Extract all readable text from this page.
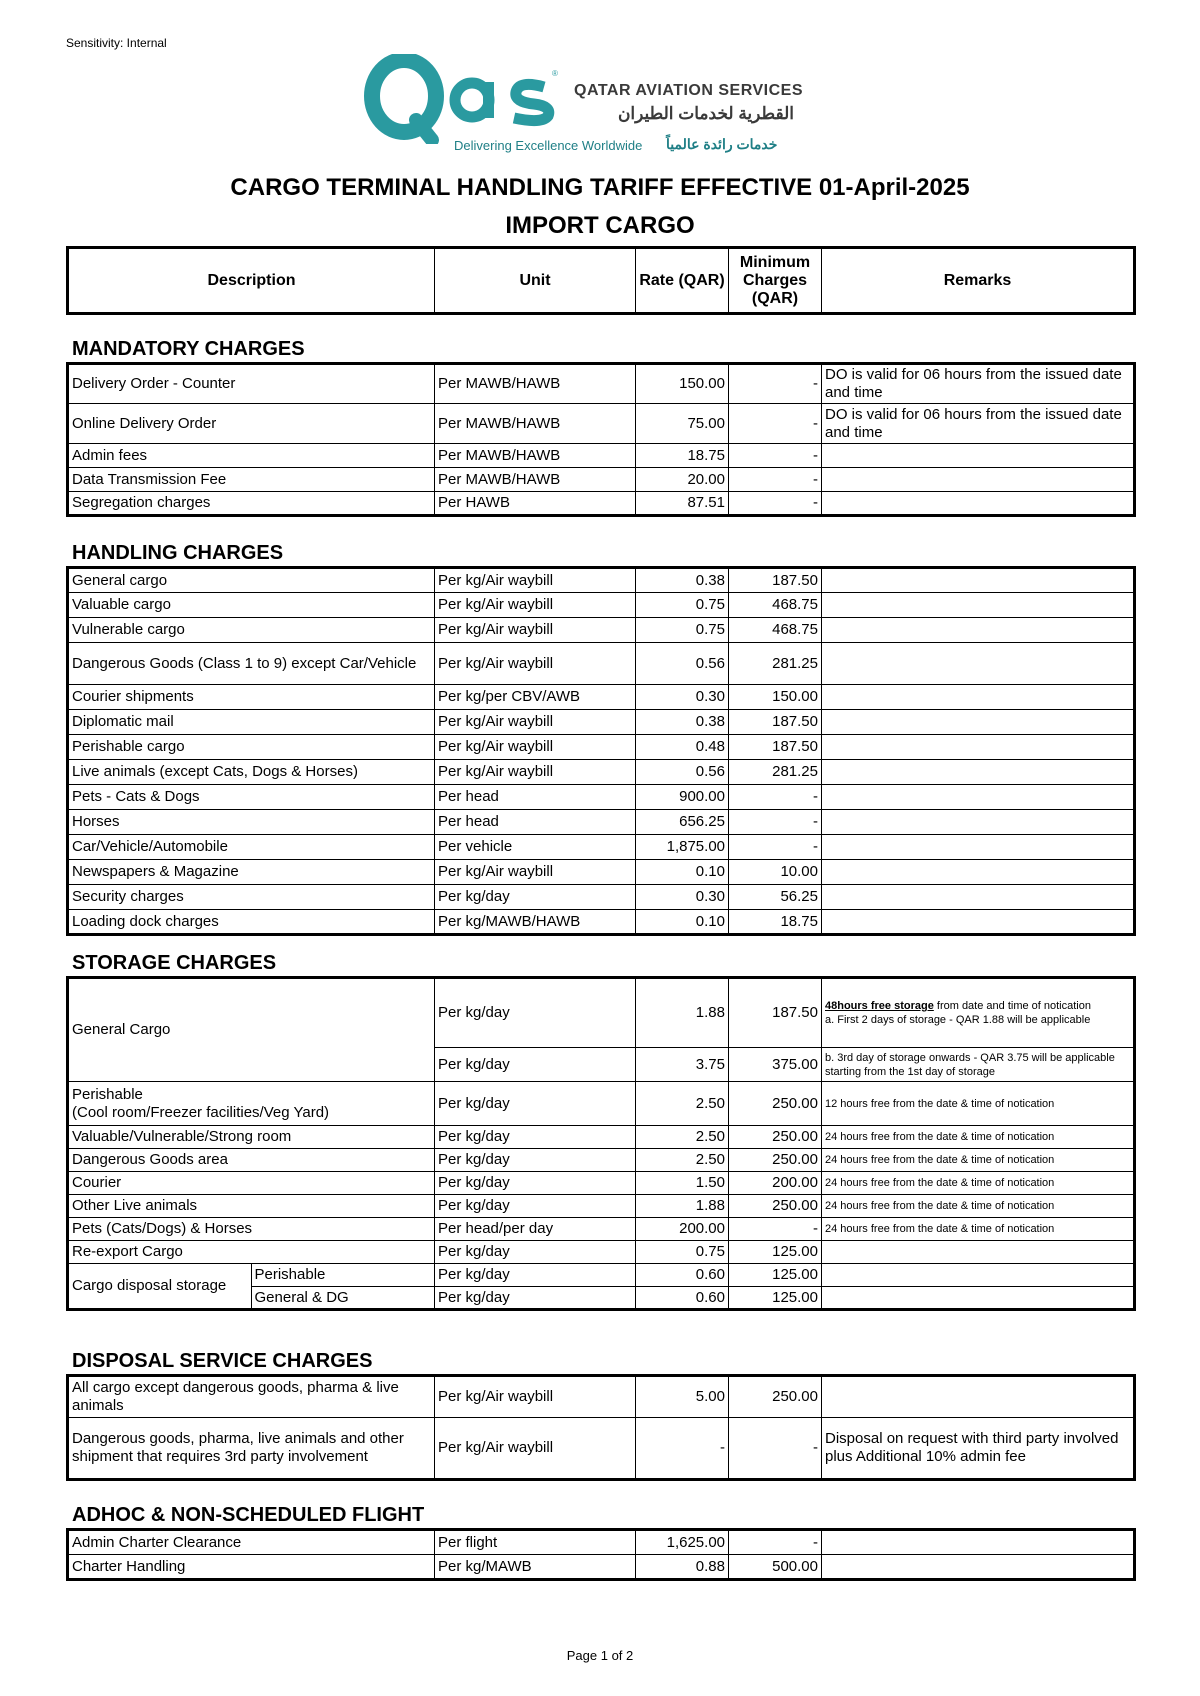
Sensitivity: Internal
®
QATAR AVIATION SERVICES
القطرية لخدمات الطيران
Delivering Excellence Worldwide خدمات رائدة عالمياً
CARGO TERMINAL HANDLING TARIFF EFFECTIVE 01-April-2025
IMPORT CARGO
Description	Unit	Rate (QAR)	Minimum Charges (QAR)	Remarks
MANDATORY CHARGES
Delivery Order - Counter	Per MAWB/HAWB	150.00	-	DO is valid for 06 hours from the issued date and time
Online Delivery Order	Per MAWB/HAWB	75.00	-	DO is valid for 06 hours from the issued date and time
Admin fees	Per MAWB/HAWB	18.75	-	
Data Transmission Fee	Per MAWB/HAWB	20.00	-	
Segregation charges	Per HAWB	87.51	-	
HANDLING CHARGES
General cargo	Per kg/Air waybill	0.38	187.50	
Valuable cargo	Per kg/Air waybill	0.75	468.75	
Vulnerable cargo	Per kg/Air waybill	0.75	468.75	
Dangerous Goods (Class 1 to 9) except Car/Vehicle	Per kg/Air waybill	0.56	281.25	
Courier shipments	Per kg/per CBV/AWB	0.30	150.00	
Diplomatic mail	Per kg/Air waybill	0.38	187.50	
Perishable cargo	Per kg/Air waybill	0.48	187.50	
Live animals (except Cats, Dogs & Horses)	Per kg/Air waybill	0.56	281.25	
Pets - Cats & Dogs	Per head	900.00	-	
Horses	Per head	656.25	-	
Car/Vehicle/Automobile	Per vehicle	1,875.00	-	
Newspapers & Magazine	Per kg/Air waybill	0.10	10.00	
Security charges	Per kg/day	0.30	56.25	
Loading dock charges	Per kg/MAWB/HAWB	0.10	18.75	
STORAGE CHARGES
General Cargo		Per kg/day	1.88	187.50	48hours free storage from date and time of notication
a. First 2 days of storage - QAR 1.88 will be applicable
		Per kg/day	3.75	375.00	b. 3rd day of storage onwards - QAR 3.75 will be applicable starting from the 1st day of storage
Perishable
(Cool room/Freezer facilities/Veg Yard)		Per kg/day	2.50	250.00	12 hours free from the date & time of notication
Valuable/Vulnerable/Strong room		Per kg/day	2.50	250.00	24 hours free from the date & time of notication
Dangerous Goods area		Per kg/day	2.50	250.00	24 hours free from the date & time of notication
Courier		Per kg/day	1.50	200.00	24 hours free from the date & time of notication
Other Live animals		Per kg/day	1.88	250.00	24 hours free from the date & time of notication
Pets (Cats/Dogs) & Horses		Per head/per day	200.00	-	24 hours free from the date & time of notication
Re-export Cargo		Per kg/day	0.75	125.00	
Cargo disposal storage	Perishable	Per kg/day	0.60	125.00	
	General & DG	Per kg/day	0.60	125.00	
DISPOSAL SERVICE CHARGES
All cargo except dangerous goods, pharma & live animals	Per kg/Air waybill	5.00	250.00	
Dangerous goods, pharma, live animals and other shipment that requires 3rd party involvement	Per kg/Air waybill	-	-	Disposal on request with third party involved plus Additional 10% admin fee
ADHOC & NON-SCHEDULED FLIGHT
Admin Charter Clearance	Per flight	1,625.00	-	
Charter Handling	Per kg/MAWB	0.88	500.00	
Page 1 of 2
